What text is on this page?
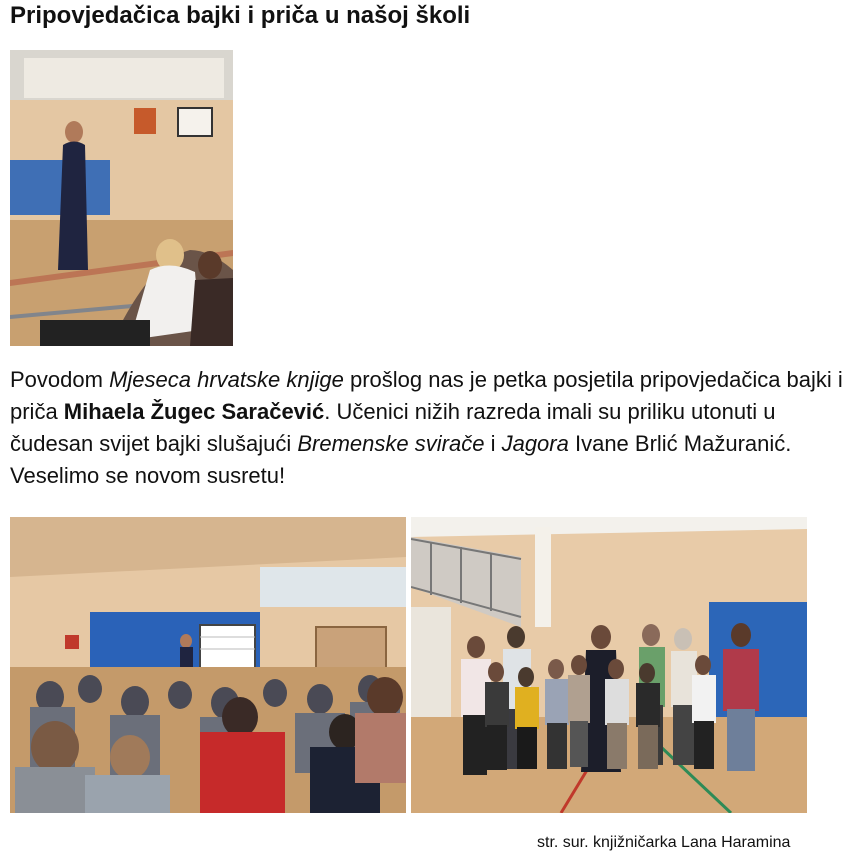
Pripovjedačica bajki i priča u našoj školi

Povodom Mjeseca hrvatske knjige prošlog nas je petka posjetila pripovjedačica bajki i priča Mihaela Žugec Saračević. Učenici nižih razreda imali su priliku utonuti u čudesan svijet bajki slušajući Bremenske svirače i Jagora Ivane Brlić Mažuranić. Veselimo se novom susretu!

str. sur. knjižničarka Lana Haramina
